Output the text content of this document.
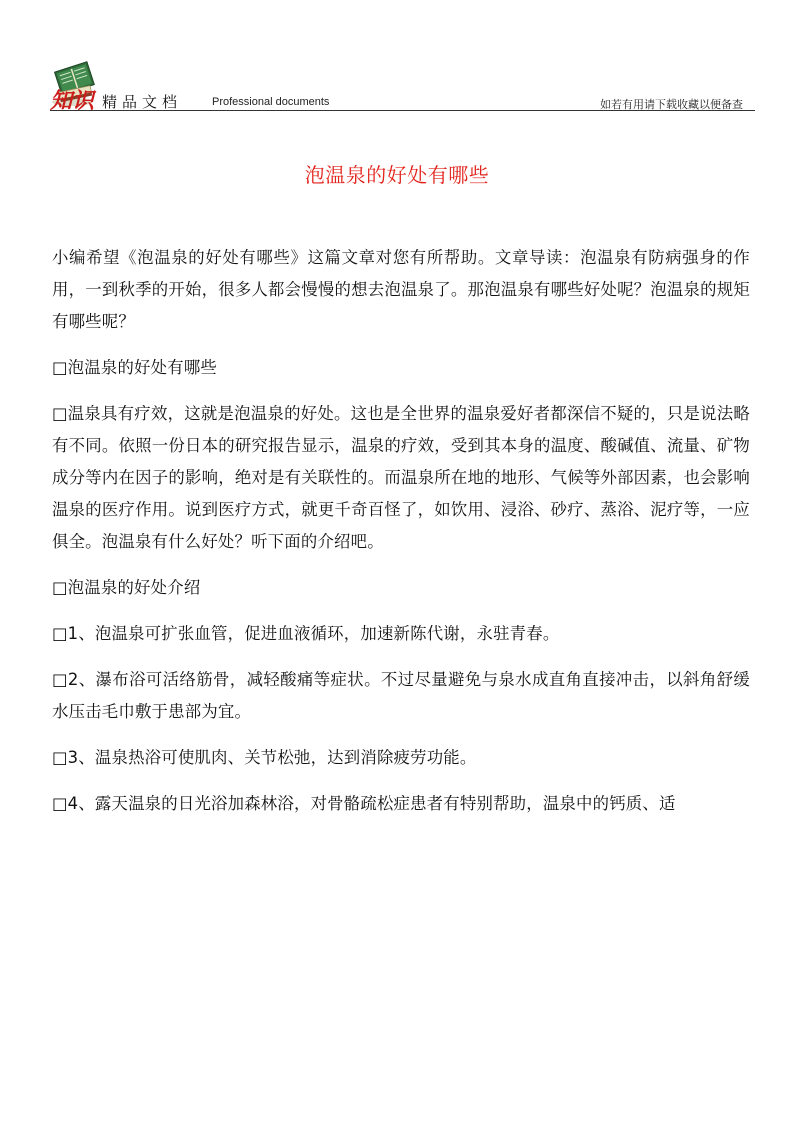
知识 精品文档	Professional documents	如若有用请下载收藏以便备查
泡温泉的好处有哪些

小编希望《泡温泉的好处有哪些》这篇文章对您有所帮助。文章导读：泡温泉有防病强身的作用，一到秋季的开始，很多人都会慢慢的想去泡温泉了。那泡温泉有哪些好处呢？泡温泉的规矩有哪些呢？

□泡温泉的好处有哪些

□温泉具有疗效，这就是泡温泉的好处。这也是全世界的温泉爱好者都深信不疑的，只是说法略有不同。依照一份日本的研究报告显示，温泉的疗效，受到其本身的温度、酸碱值、流量、矿物成分等内在因子的影响，绝对是有关联性的。而温泉所在地的地形、气候等外部因素，也会影响温泉的医疗作用。说到医疗方式，就更千奇百怪了，如饮用、浸浴、砂疗、蒸浴、泥疗等，一应俱全。泡温泉有什么好处？听下面的介绍吧。

□泡温泉的好处介绍

□1、泡温泉可扩张血管，促进血液循环，加速新陈代谢，永驻青春。

□2、瀑布浴可活络筋骨，减轻酸痛等症状。不过尽量避免与泉水成直角直接冲击，以斜角舒缓水压击毛巾敷于患部为宜。

□3、温泉热浴可使肌肉、关节松弛，达到消除疲劳功能。

□4、露天温泉的日光浴加森林浴，对骨骼疏松症患者有特别帮助，温泉中的钙质、适
